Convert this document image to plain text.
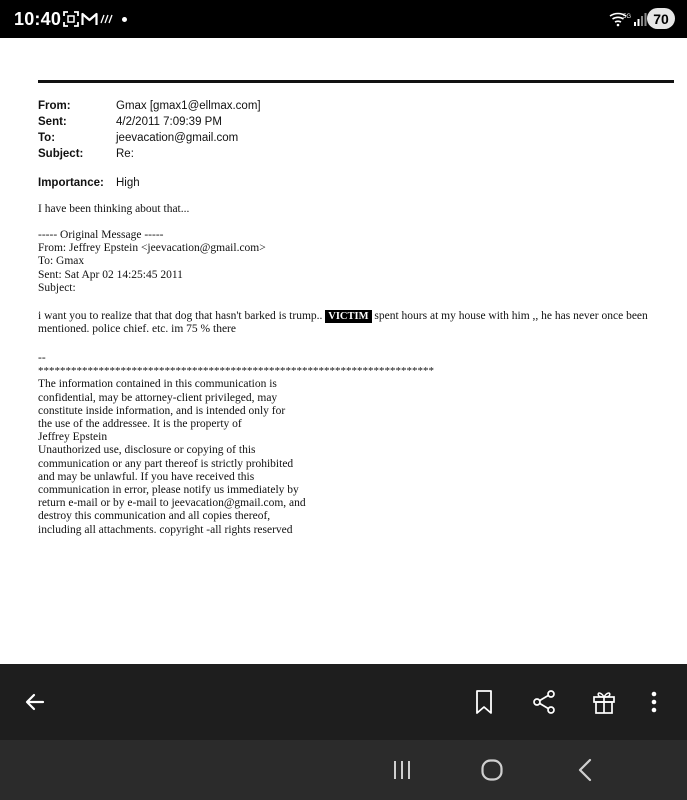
10:40	5G	70
From:	Gmax [gmax1@ellmax.com]
Sent:	4/2/2011 7:09:39 PM
To:	jeevacation@gmail.com
Subject:	Re:
Importance:	High
I have been thinking about that...
----- Original Message -----
From: Jeffrey Epstein <jeevacation@gmail.com>
To: Gmax
Sent: Sat Apr 02 14:25:45 2011
Subject:
i want you to realize that that dog that hasn't barked is trump.. VICTIM spent hours at my house with him ,, he has never once been mentioned. police chief. etc. im 75 % there
--
************************************************************************
The information contained in this communication is
confidential, may be attorney-client privileged, may
constitute inside information, and is intended only for
the use of the addressee. It is the property of
Jeffrey Epstein
Unauthorized use, disclosure or copying of this
communication or any part thereof is strictly prohibited
and may be unlawful. If you have received this
communication in error, please notify us immediately by
return e-mail or by e-mail to jeevacation@gmail.com, and
destroy this communication and all copies thereof,
including all attachments. copyright -all rights reserved
